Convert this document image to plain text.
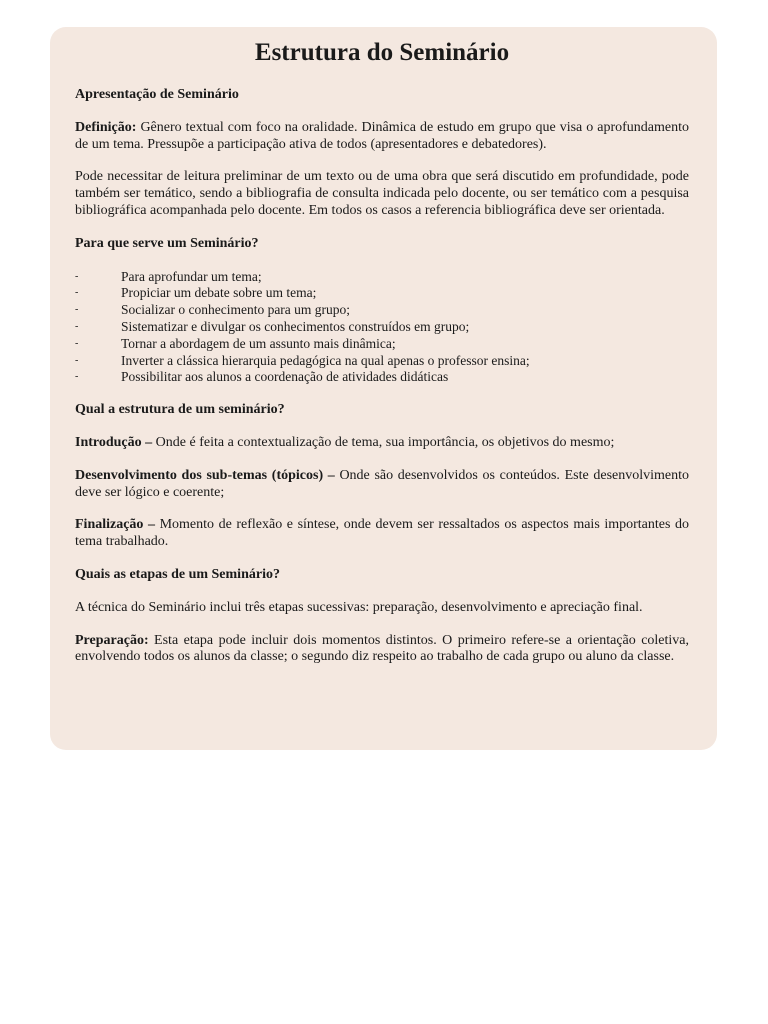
Estrutura do Seminário

Apresentação de Seminário

Definição: Gênero textual com foco na oralidade. Dinâmica de estudo em grupo que visa o aprofundamento de um tema. Pressupõe a participação ativa de todos (apresentadores e debatedores).

Pode necessitar de leitura preliminar de um texto ou de uma obra que será discutido em profundidade, pode também ser temático, sendo a bibliografia de consulta indicada pelo docente, ou ser temático com a pesquisa bibliográfica acompanhada pelo docente. Em todos os casos a referencia bibliográfica deve ser orientada.

Para que serve um Seminário?

-	Para aprofundar um tema;
-	Propiciar um debate sobre um tema;
-	Socializar o conhecimento para um grupo;
-	Sistematizar e divulgar os conhecimentos construídos em grupo;
-	Tornar a abordagem de um assunto mais dinâmica;
-	Inverter a clássica hierarquia pedagógica na qual apenas o professor ensina;
-	Possibilitar aos alunos a coordenação de atividades didáticas

Qual a estrutura de um seminário?

Introdução – Onde é feita a contextualização de tema, sua importância, os objetivos do mesmo;

Desenvolvimento dos sub-temas (tópicos) – Onde são desenvolvidos os conteúdos. Este desenvolvimento deve ser lógico e coerente;

Finalização – Momento de reflexão e síntese, onde devem ser ressaltados os aspectos mais importantes do tema trabalhado.

Quais as etapas de um Seminário?

A técnica do Seminário inclui três etapas sucessivas: preparação, desenvolvimento e apreciação final.

Preparação: Esta etapa pode incluir dois momentos distintos. O primeiro refere-se a orientação coletiva, envolvendo todos os alunos da classe; o segundo diz respeito ao trabalho de cada grupo ou aluno da classe.
